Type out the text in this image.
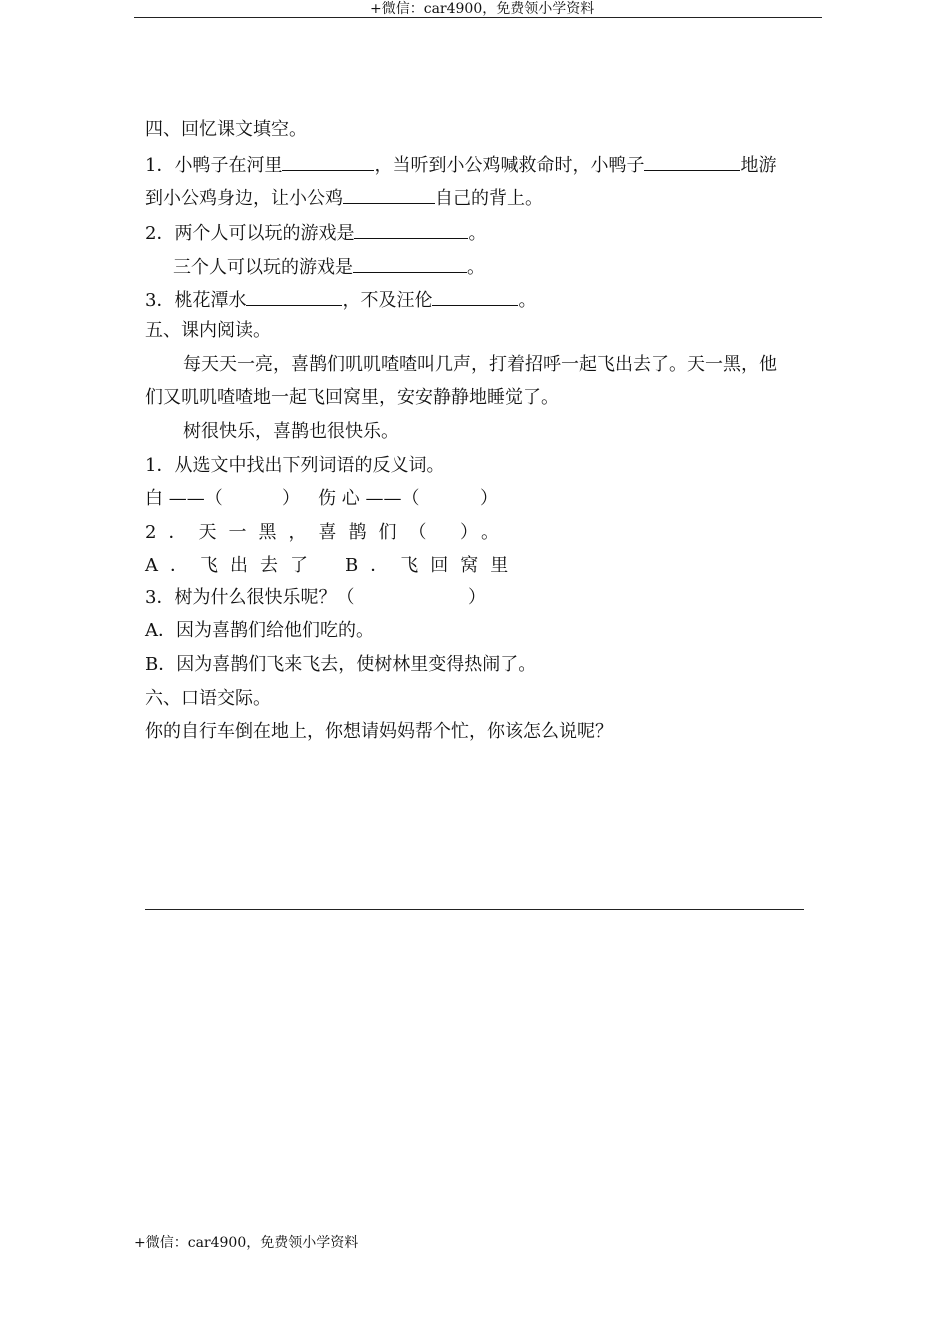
+微信：car4900，免费领小学资料
四、回忆课文填空。
1．小鸭子在河里	，当听到小公鸡喊救命时，小鸭子	地游
到小公鸡身边，让小公鸡	自己的背上。
2．两个人可以玩的游戏是	。
三个人可以玩的游戏是	。
3．桃花潭水	，不及汪伦	。
五、课内阅读。
每天天一亮，喜鹊们叽叽喳喳叫几声，打着招呼一起飞出去了。天一黑，他
们又叽叽喳喳地一起飞回窝里，安安静静地睡觉了。
树很快乐，喜鹊也很快乐。
1．从选文中找出下列词语的反义词。
白 ——（	） 伤 心 ——（	）
2．天一黑，喜鹊们（ ）。
A．飞出去了 B．飞回窝里
3．树为什么很快乐呢？（	）
A．因为喜鹊们给他们吃的。
B．因为喜鹊们飞来飞去，使树林里变得热闹了。
六、口语交际。
你的自行车倒在地上，你想请妈妈帮个忙，你该怎么说呢？
+微信：car4900，免费领小学资料
